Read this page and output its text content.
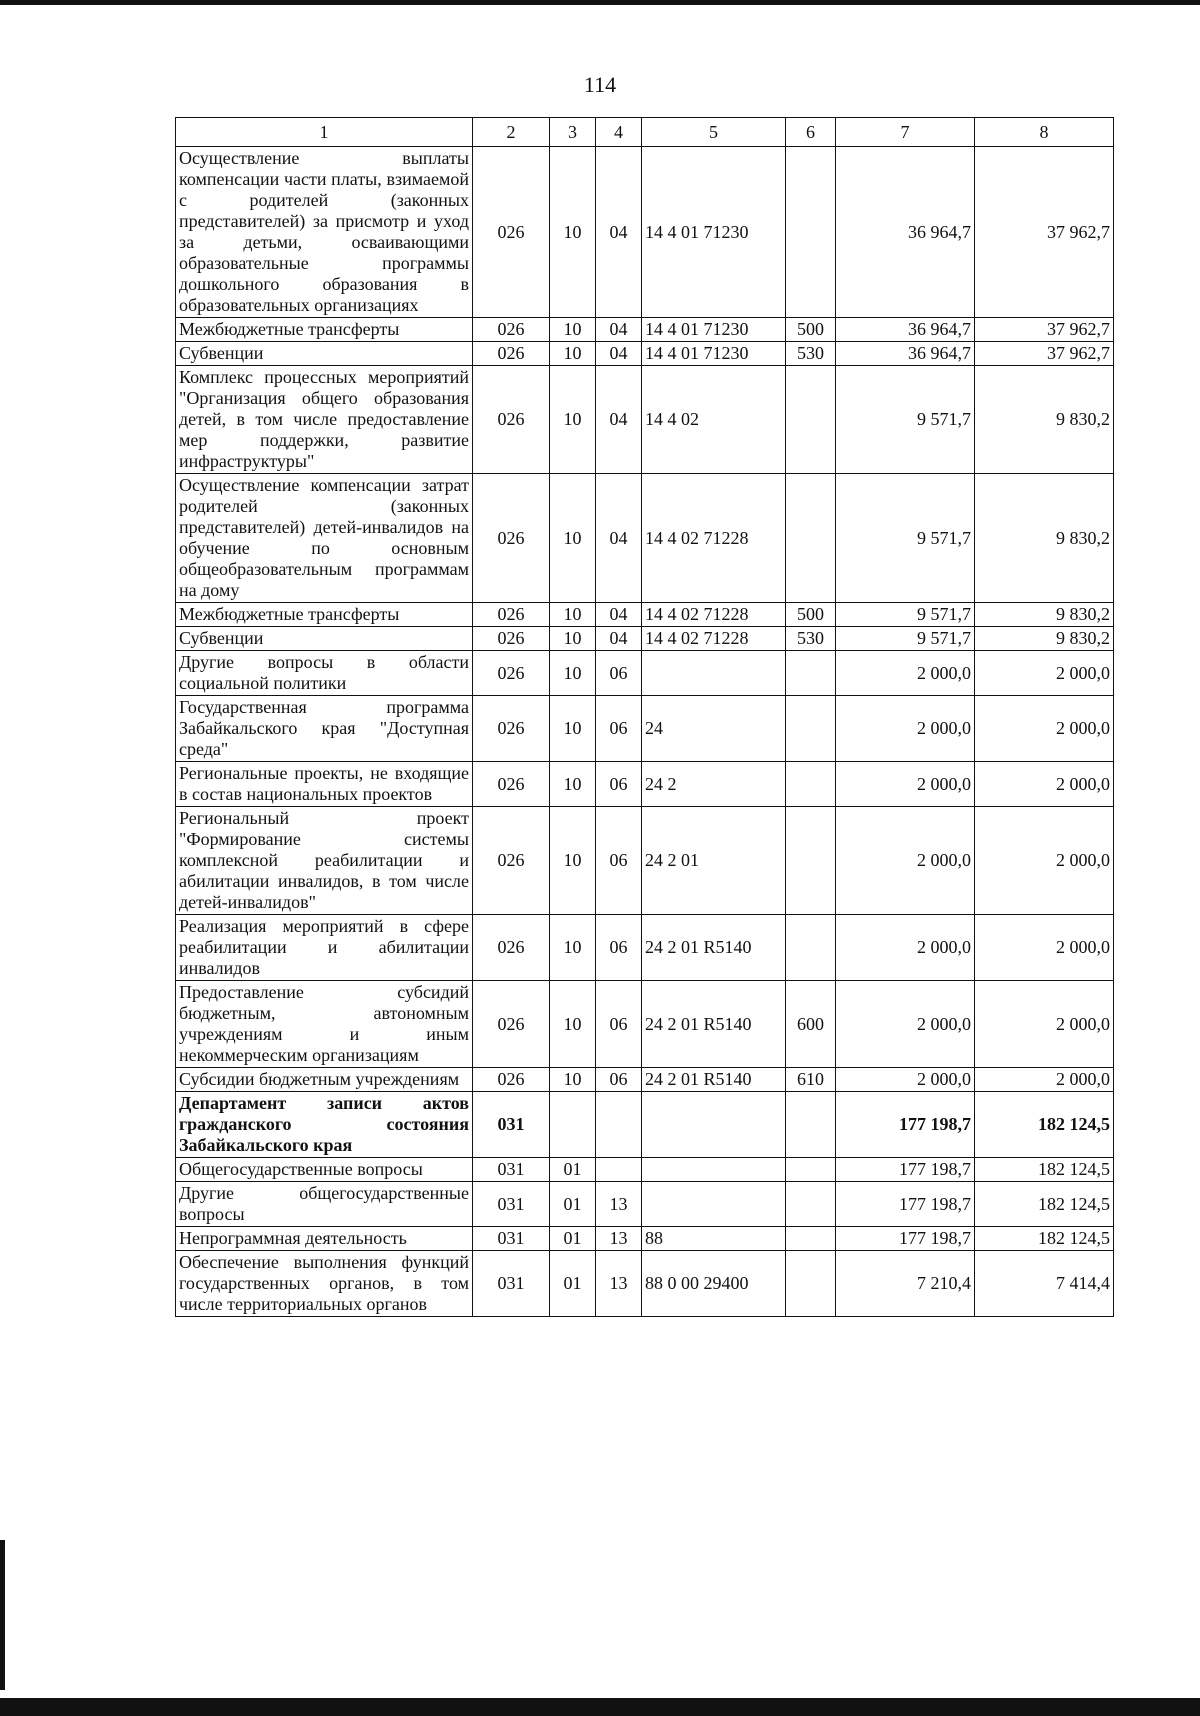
114
1	2	3	4	5	6	7	8
Осуществление выплаты компенсации части платы, взимаемой с родителей (законных представителей) за присмотр и уход за детьми, осваивающими образовательные программы дошкольного образования в образовательных организациях	026	10	04	14 4 01 71230		36 964,7	37 962,7
Межбюджетные трансферты	026	10	04	14 4 01 71230	500	36 964,7	37 962,7
Субвенции	026	10	04	14 4 01 71230	530	36 964,7	37 962,7
Комплекс процессных мероприятий "Организация общего образования детей, в том числе предоставление мер поддержки, развитие инфраструктуры"	026	10	04	14 4 02		9 571,7	9 830,2
Осуществление компенсации затрат родителей (законных представителей) детей-инвалидов на обучение по основным общеобразовательным программам на дому	026	10	04	14 4 02 71228		9 571,7	9 830,2
Межбюджетные трансферты	026	10	04	14 4 02 71228	500	9 571,7	9 830,2
Субвенции	026	10	04	14 4 02 71228	530	9 571,7	9 830,2
Другие вопросы в области социальной политики	026	10	06			2 000,0	2 000,0
Государственная программа Забайкальского края "Доступная среда"	026	10	06	24		2 000,0	2 000,0
Региональные проекты, не входящие в состав национальных проектов	026	10	06	24 2		2 000,0	2 000,0
Региональный проект "Формирование системы комплексной реабилитации и абилитации инвалидов, в том числе детей-инвалидов"	026	10	06	24 2 01		2 000,0	2 000,0
Реализация мероприятий в сфере реабилитации и абилитации инвалидов	026	10	06	24 2 01 R5140		2 000,0	2 000,0
Предоставление субсидий бюджетным, автономным учреждениям и иным некоммерческим организациям	026	10	06	24 2 01 R5140	600	2 000,0	2 000,0
Субсидии бюджетным учреждениям	026	10	06	24 2 01 R5140	610	2 000,0	2 000,0
Департамент записи актов гражданского состояния Забайкальского края	031					177 198,7	182 124,5
Общегосударственные вопросы	031	01				177 198,7	182 124,5
Другие общегосударственные вопросы	031	01	13			177 198,7	182 124,5
Непрограммная деятельность	031	01	13	88		177 198,7	182 124,5
Обеспечение выполнения функций государственных органов, в том числе территориальных органов	031	01	13	88 0 00 29400		7 210,4	7 414,4
